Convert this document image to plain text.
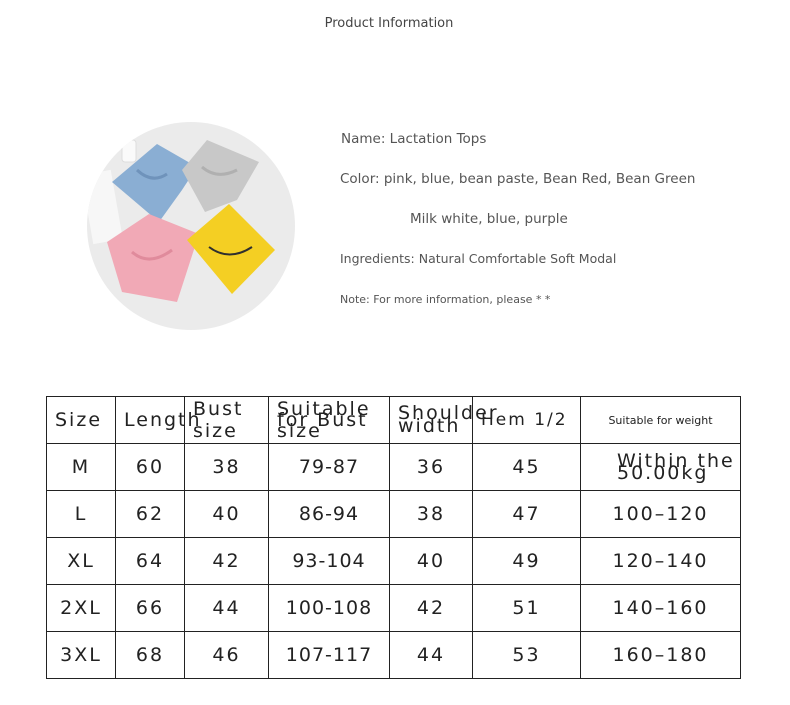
Product Information
Name: Lactation Tops
Color: pink, blue, bean paste, Bean Red, Bean Green
Milk white, blue, purple
Ingredients: Natural Comfortable Soft Modal
Note: For more information, please * *
Size	Length	Bust size	Suitable for Bust size	Shoulder width	Hem 1/2	Suitable for weight
M	60	38	79-87	36	45	Within the 50.00kg
L	62	40	86-94	38	47	100–120
XL	64	42	93-104	40	49	120–140
2XL	66	44	100-108	42	51	140–160
3XL	68	46	107-117	44	53	160–180
